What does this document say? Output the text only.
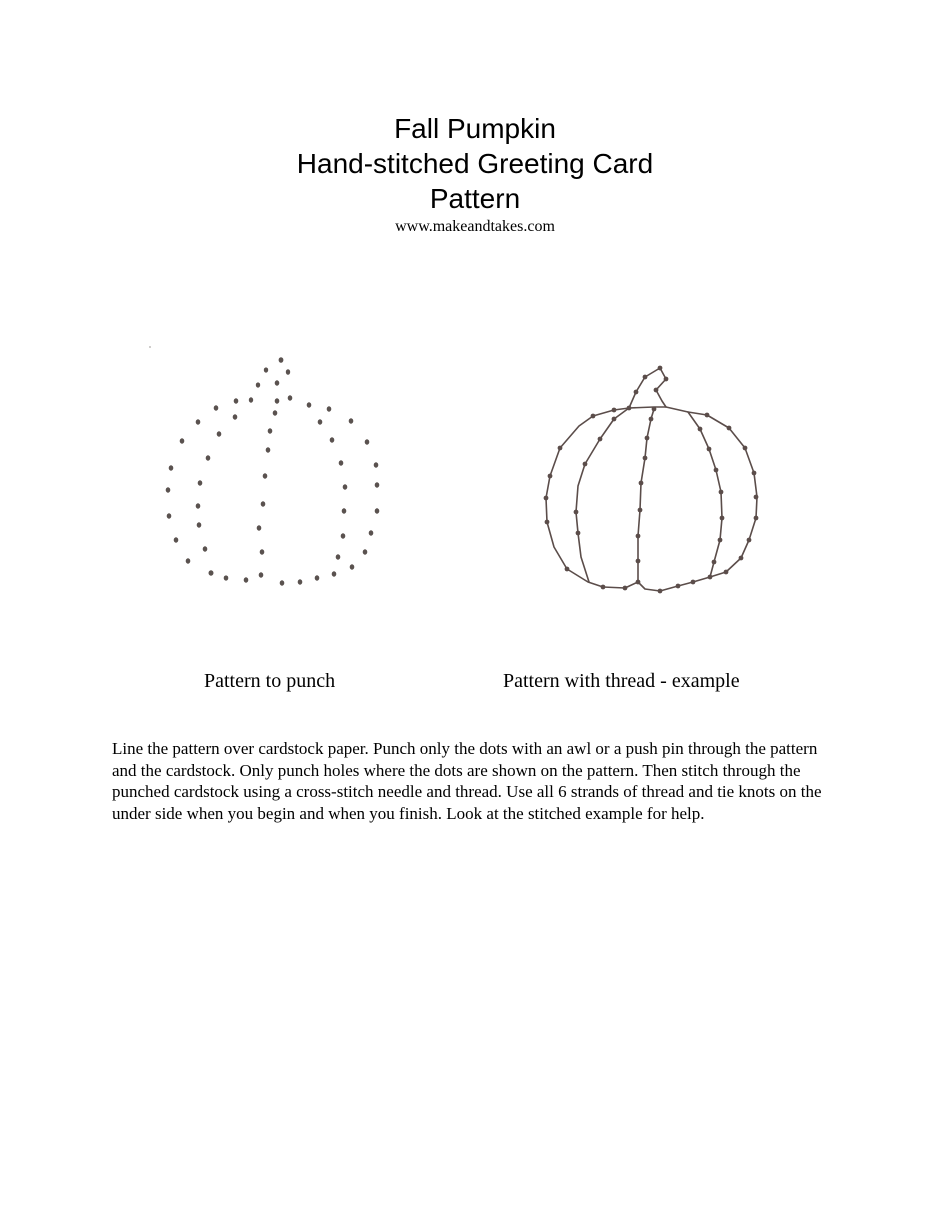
Fall Pumpkin
Hand-stitched Greeting Card
Pattern
www.makeandtakes.com
Pattern to punch	Pattern with thread - example
Line the pattern over cardstock paper. Punch only the dots with an awl or a push pin through the pattern and the cardstock. Only punch holes where the dots are shown on the pattern. Then stitch through the punched cardstock using a cross-stitch needle and thread. Use all 6 strands of thread and tie knots on the under side when you begin and when you finish. Look at the stitched example for help.
